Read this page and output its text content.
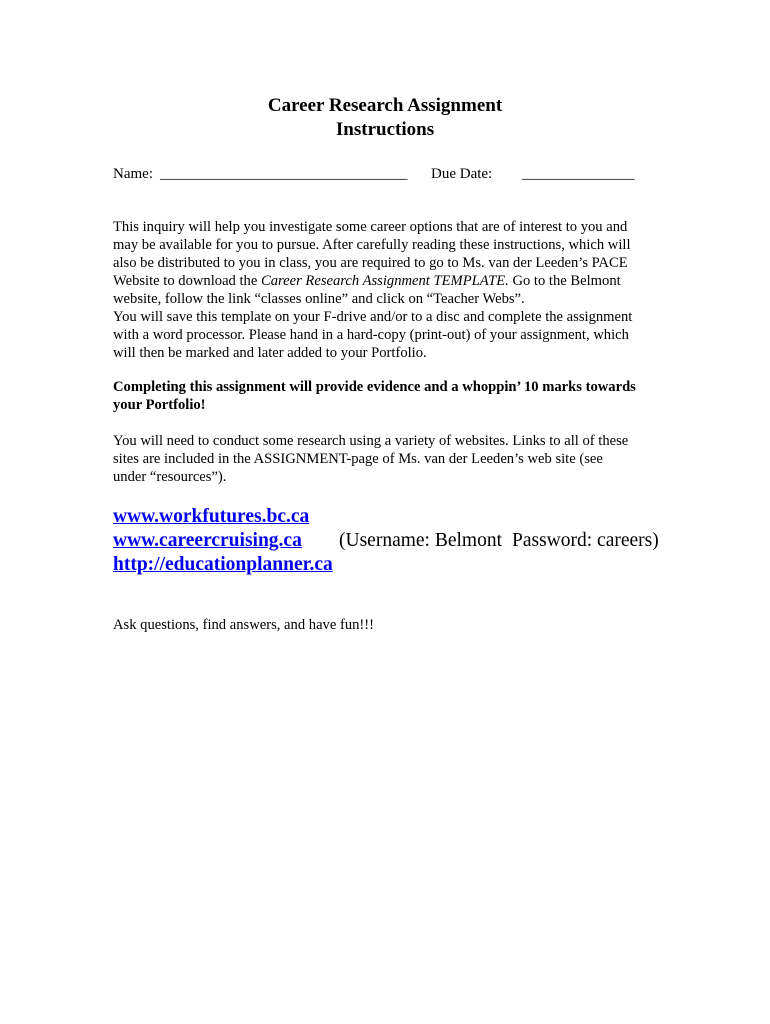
Career Research Assignment
Instructions
Name: _________________________________ Due Date: _______________

This inquiry will help you investigate some career options that are of interest to you and

may be available for you to pursue. After carefully reading these instructions, which will

also be distributed to you in class, you are required to go to Ms. van der Leeden’s PACE

Website to download the Career Research Assignment TEMPLATE. Go to the Belmont

website, follow the link “classes online” and click on “Teacher Webs”.

You will save this template on your F-drive and/or to a disc and complete the assignment

with a word processor. Please hand in a hard-copy (print-out) of your assignment, which

will then be marked and later added to your Portfolio.

Completing this assignment will provide evidence and a whoppin’ 10 marks towards

your Portfolio!

You will need to conduct some research using a variety of websites. Links to all of these

sites are included in the ASSIGNMENT-page of Ms. van der Leeden’s web site (see

under “resources”).

www.workfutures.bc.ca
www.careercruising.ca (Username: Belmont Password: careers)
http://educationplanner.ca

Ask questions, find answers, and have fun!!!
